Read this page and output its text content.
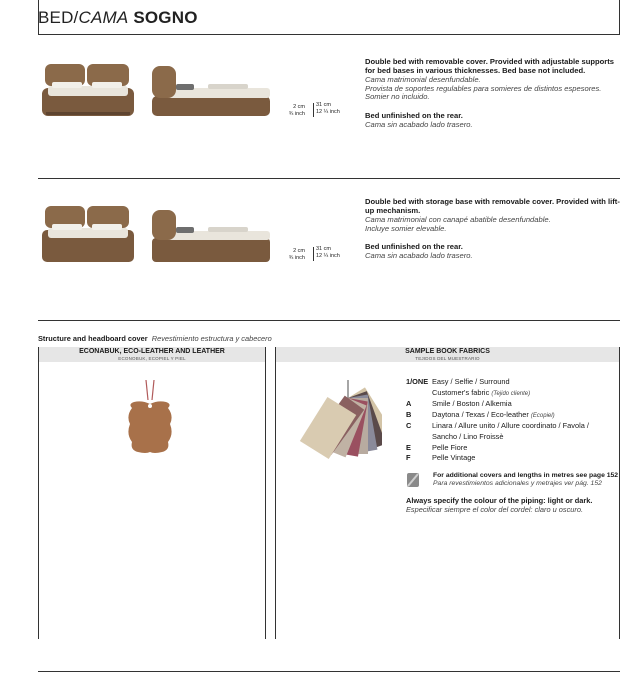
BED/CAMA SOGNO
2 cm
¾ inch
31 cm
12 ¼ inch

Double bed with removable cover. Provided with adjustable supports for bed bases in various thicknesses. Bed base not included.

Cama matrimonial desenfundable.

Provista de soportes regulables para somieres de distintos espesores.

Somier no incluido.

Bed unfinished on the rear.

Cama sin acabado lado trasero.

2 cm
¾ inch
31 cm
12 ¼ inch

Double bed with storage base with removable cover. Provided with lift-up mechanism.

Cama matrimonial con canapé abatible desenfundable.

Incluye somier elevable.

Bed unfinished on the rear.

Cama sin acabado lado trasero.

Structure and headboard cover Revestimiento estructura y cabecero
ECONABUK, ECO-LEATHER AND LEATHER
ECONOBUK, ECOPIEL Y PIEL
SAMPLE BOOK FABRICS
TEJIDOS DEL MUESTRARIO
1/ONE Easy / Selfie / Surround
Customer's fabric (Tejido cliente)
A	Smile / Boston / Alkemia
B	Daytona / Texas / Eco-leather (Ecopiel)
C	Linara / Allure unito / Allure coordinato / Favola /
Sancho / Lino Froissè
E	Pelle Fiore
F	Pelle Vintage
For additional covers and lengths in metres see page 152
Para revestimientos adicionales y metrajes ver pág. 152
Always specify the colour of the piping: light or dark.
Especificar siempre el color del cordel: claro u oscuro.
